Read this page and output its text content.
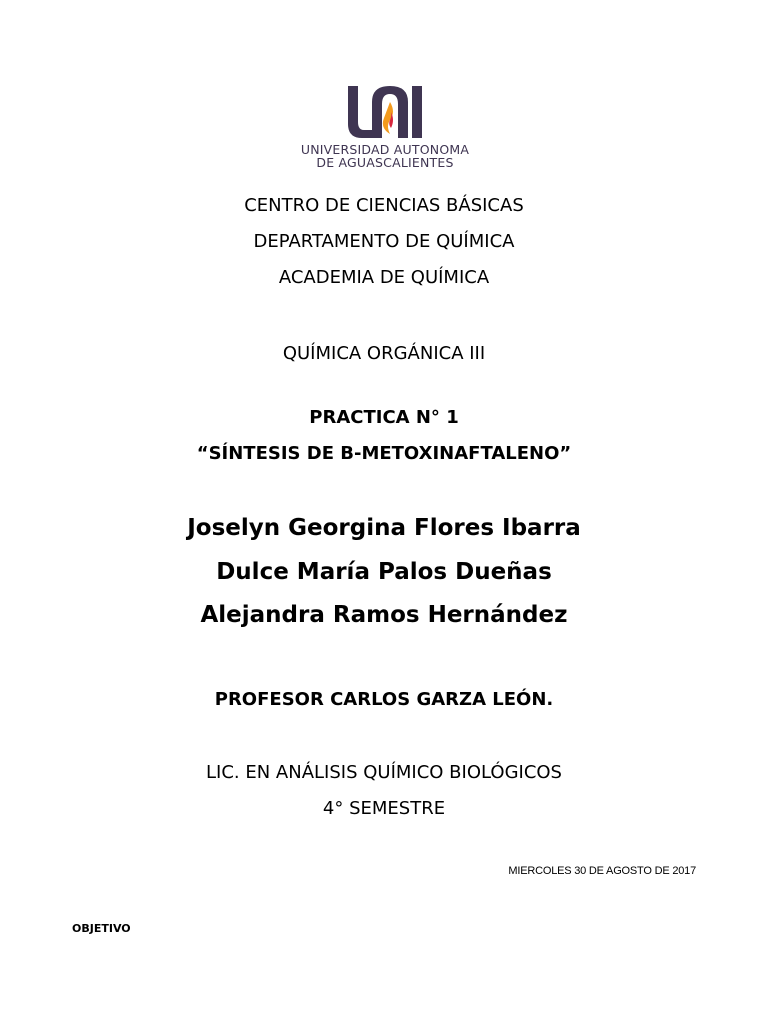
UNIVERSIDAD AUTONOMA
DE AGUASCALIENTES
CENTRO DE CIENCIAS BÁSICAS
DEPARTAMENTO DE QUÍMICA
ACADEMIA DE QUÍMICA
QUÍMICA ORGÁNICA III
PRACTICA N° 1
“SÍNTESIS DE B-METOXINAFTALENO”
Joselyn Georgina Flores Ibarra
Dulce María Palos Dueñas
Alejandra Ramos Hernández
PROFESOR CARLOS GARZA LEÓN.
LIC. EN ANÁLISIS QUÍMICO BIOLÓGICOS
4° SEMESTRE
MIERCOLES 30 DE AGOSTO DE 2017
OBJETIVO
